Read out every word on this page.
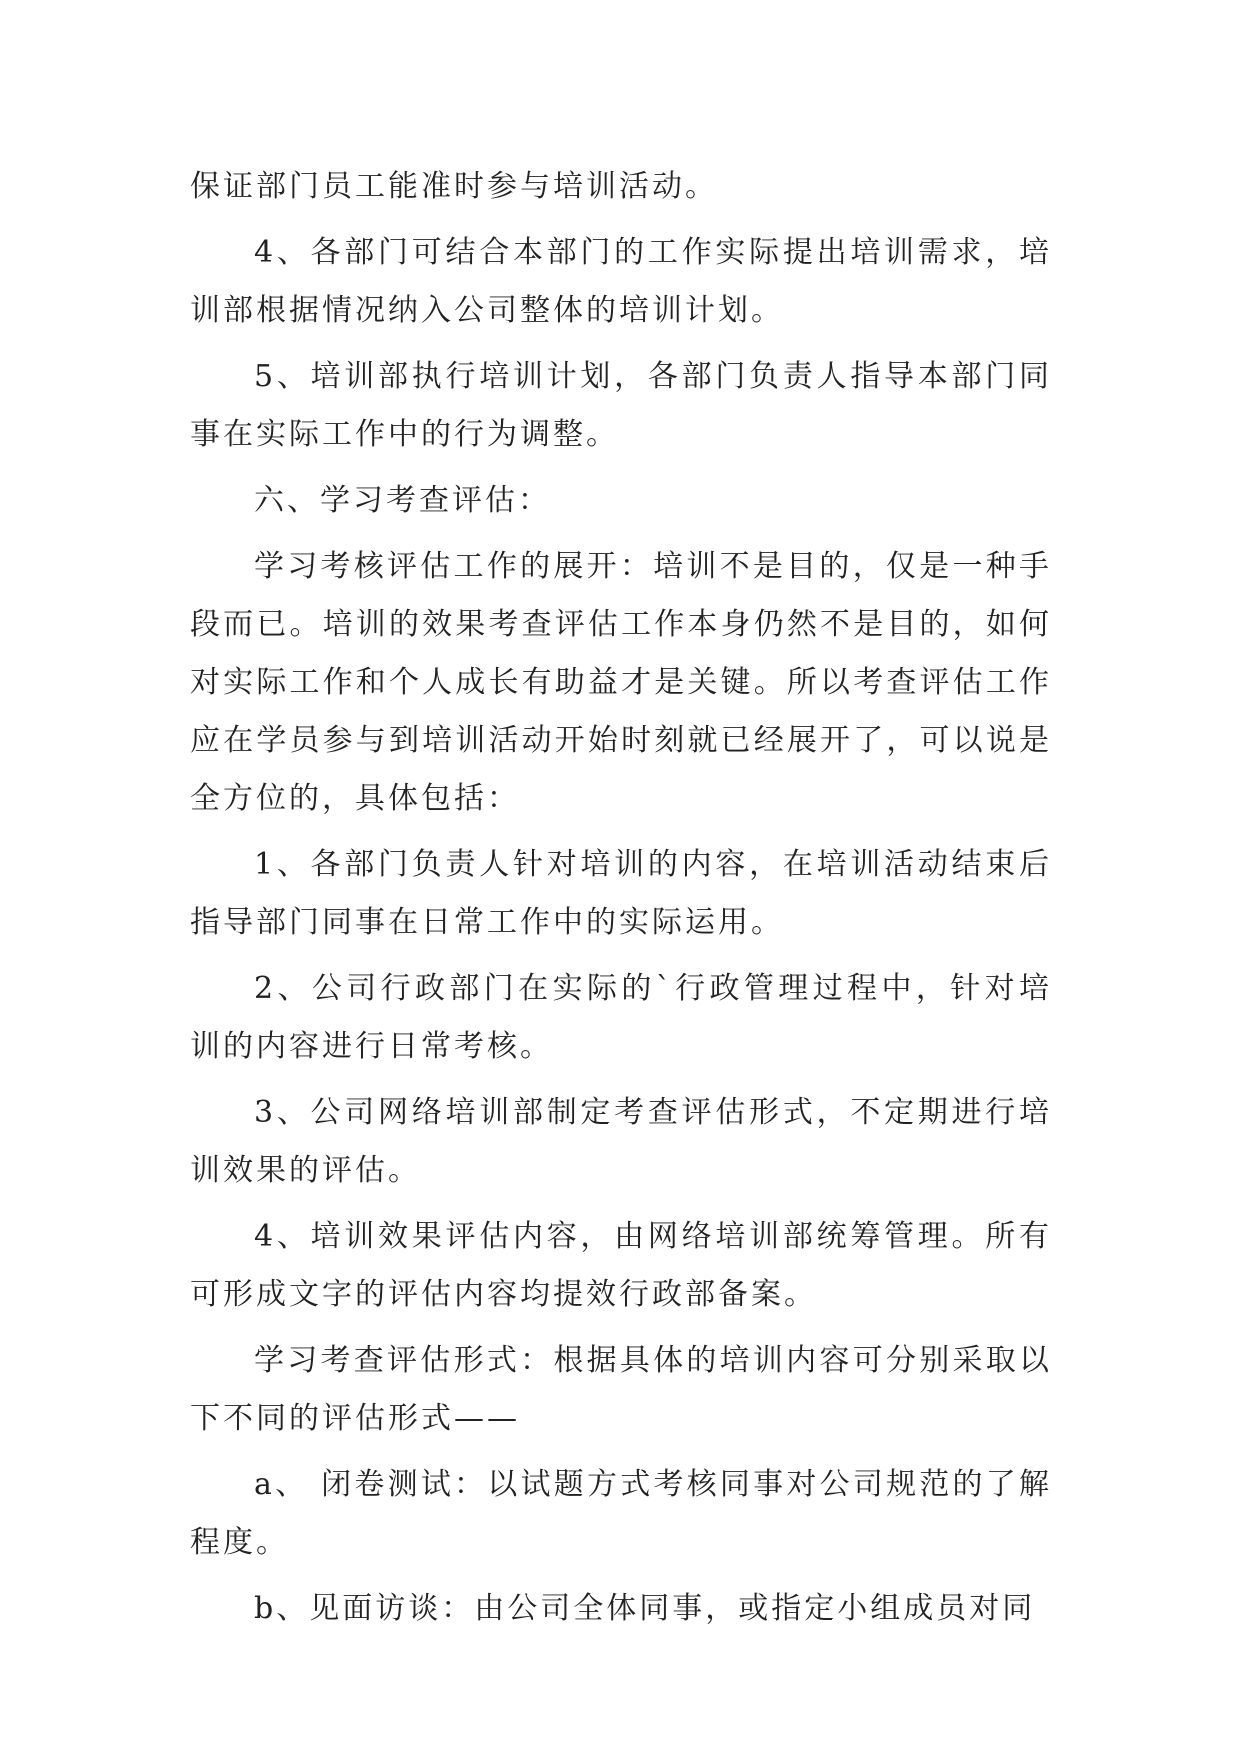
保证部门员工能准时参与培训活动。

4、各部门可结合本部门的工作实际提出培训需求，培训部根据情况纳入公司整体的培训计划。

5、培训部执行培训计划，各部门负责人指导本部门同事在实际工作中的行为调整。

六、学习考查评估：

学习考核评估工作的展开：培训不是目的，仅是一种手段而已。培训的效果考查评估工作本身仍然不是目的，如何对实际工作和个人成长有助益才是关键。所以考查评估工作应在学员参与到培训活动开始时刻就已经展开了，可以说是全方位的，具体包括：

1、各部门负责人针对培训的内容，在培训活动结束后指导部门同事在日常工作中的实际运用。

2、公司行政部门在实际的`行政管理过程中，针对培训的内容进行日常考核。

3、公司网络培训部制定考查评估形式，不定期进行培训效果的评估。

4、培训效果评估内容，由网络培训部统筹管理。所有可形成文字的评估内容均提效行政部备案。

学习考查评估形式：根据具体的培训内容可分别采取以下不同的评估形式——

a、 闭卷测试：以试题方式考核同事对公司规范的了解程度。

b、见面访谈：由公司全体同事，或指定小组成员对同
